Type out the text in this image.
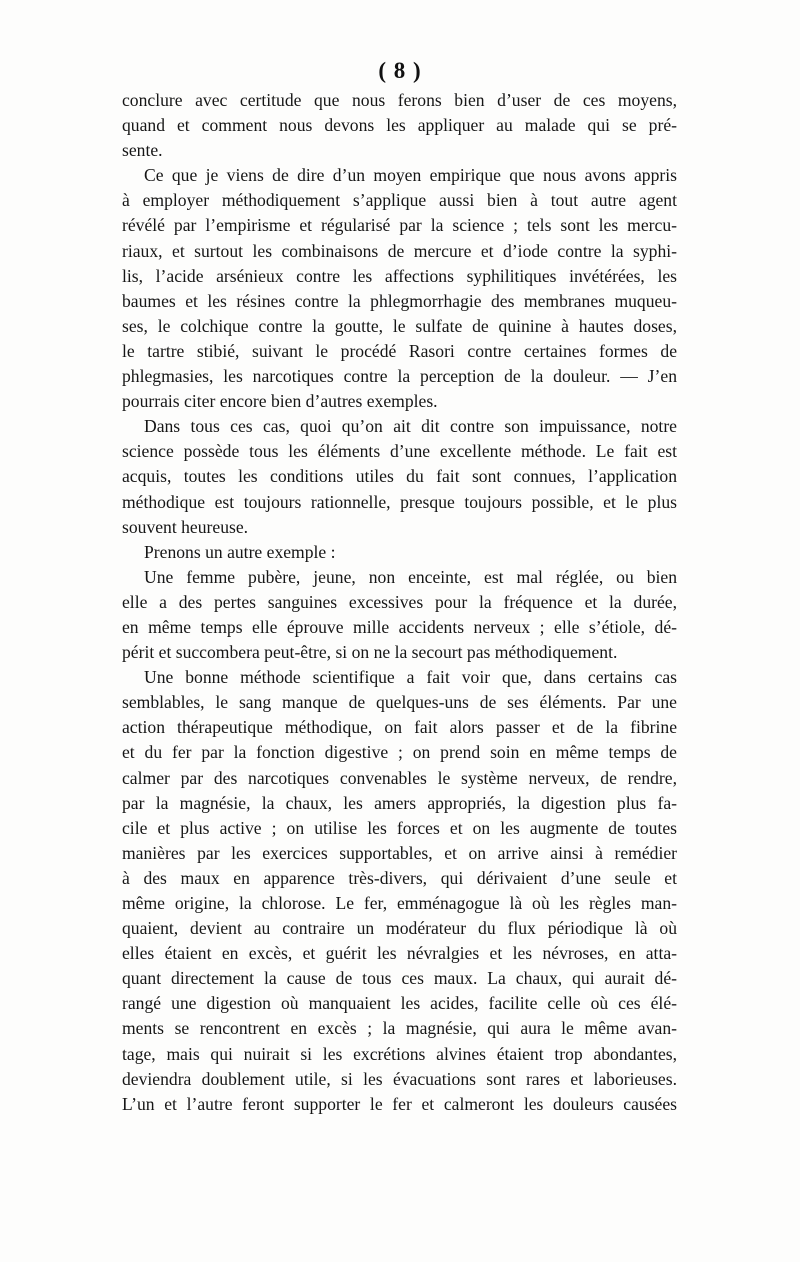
( 8 )
conclure avec certitude que nous ferons bien d’user de ces moyens,
quand et comment nous devons les appliquer au malade qui se pré-
sente.
Ce que je viens de dire d’un moyen empirique que nous avons appris
à employer méthodiquement s’applique aussi bien à tout autre agent
révélé par l’empirisme et régularisé par la science ; tels sont les mercu-
riaux, et surtout les combinaisons de mercure et d’iode contre la syphi-
lis, l’acide arsénieux contre les affections syphilitiques invétérées, les
baumes et les résines contre la phlegmorrhagie des membranes muqueu-
ses, le colchique contre la goutte, le sulfate de quinine à hautes doses,
le tartre stibié, suivant le procédé Rasori contre certaines formes de
phlegmasies, les narcotiques contre la perception de la douleur. — J’en
pourrais citer encore bien d’autres exemples.
Dans tous ces cas, quoi qu’on ait dit contre son impuissance, notre
science possède tous les éléments d’une excellente méthode. Le fait est
acquis, toutes les conditions utiles du fait sont connues, l’application
méthodique est toujours rationnelle, presque toujours possible, et le plus
souvent heureuse.
Prenons un autre exemple :
Une femme pubère, jeune, non enceinte, est mal réglée, ou bien
elle a des pertes sanguines excessives pour la fréquence et la durée,
en même temps elle éprouve mille accidents nerveux ; elle s’étiole, dé-
périt et succombera peut-être, si on ne la secourt pas méthodiquement.
Une bonne méthode scientifique a fait voir que, dans certains cas
semblables, le sang manque de quelques-uns de ses éléments. Par une
action thérapeutique méthodique, on fait alors passer et de la fibrine
et du fer par la fonction digestive ; on prend soin en même temps de
calmer par des narcotiques convenables le système nerveux, de rendre,
par la magnésie, la chaux, les amers appropriés, la digestion plus fa-
cile et plus active ; on utilise les forces et on les augmente de toutes
manières par les exercices supportables, et on arrive ainsi à remédier
à des maux en apparence très-divers, qui dérivaient d’une seule et
même origine, la chlorose. Le fer, emménagogue là où les règles man-
quaient, devient au contraire un modérateur du flux périodique là où
elles étaient en excès, et guérit les névralgies et les névroses, en atta-
quant directement la cause de tous ces maux. La chaux, qui aurait dé-
rangé une digestion où manquaient les acides, facilite celle où ces élé-
ments se rencontrent en excès ; la magnésie, qui aura le même avan-
tage, mais qui nuirait si les excrétions alvines étaient trop abondantes,
deviendra doublement utile, si les évacuations sont rares et laborieuses.
L’un et l’autre feront supporter le fer et calmeront les douleurs causées
